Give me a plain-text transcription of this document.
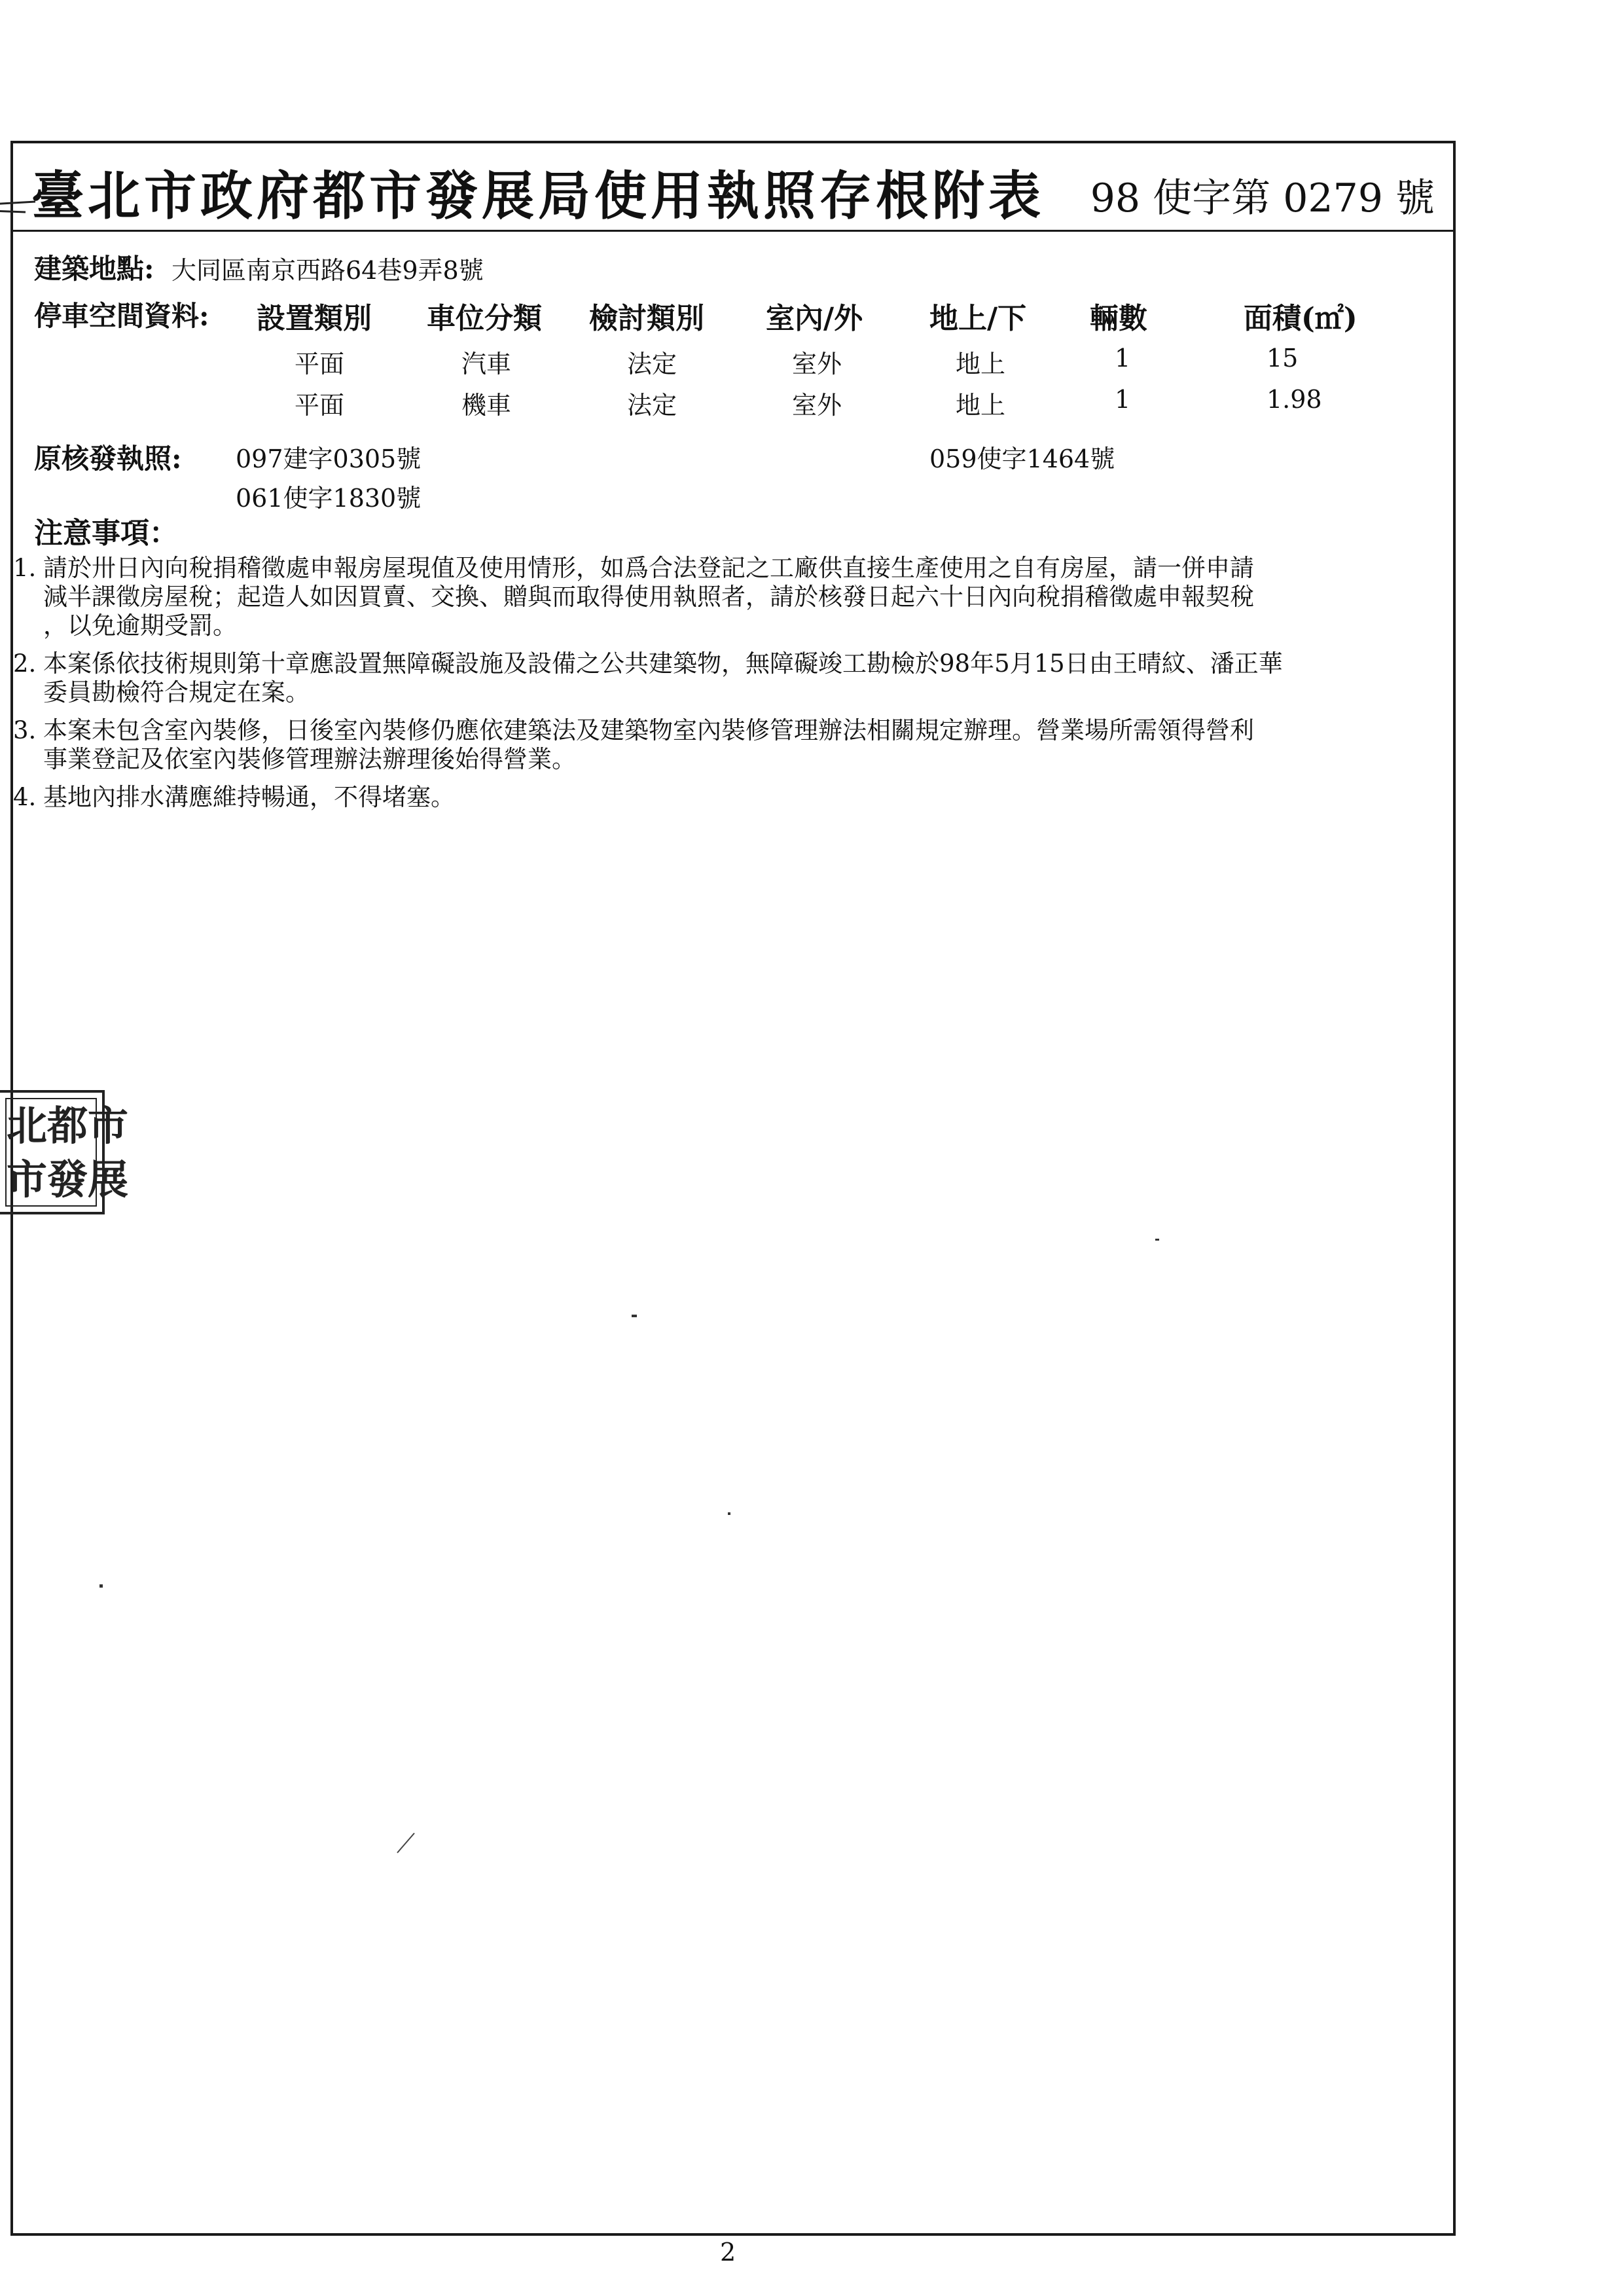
臺北市政府都市發展局使用執照存根附表 98 使字第 0279 號
建築地點: 大同區南京西路64巷9弄8號
停車空間資料: 設置類別 車位分類 檢討類別 室內/外 地上/下 輛數	面積(㎡)
平面	汽車	法定	室外	地上	1	15
平面	機車	法定	室外	地上	1	1.98
原核發執照: 097建字0305號	059使字1464號
061使字1830號
注意事項：
1. 請於卅日內向稅捐稽徵處申報房屋現值及使用情形，如爲合法登記之工廠供直接生產使用之自有房屋，請一併申請
減半課徵房屋稅；起造人如因買賣、交換、贈與而取得使用執照者，請於核發日起六十日內向稅捐稽徵處申報契稅
，以免逾期受罰。
2. 本案係依技術規則第十章應設置無障礙設施及設備之公共建築物，無障礙竣工勘檢於98年5月15日由王晴紋、潘正華
委員勘檢符合規定在案。
3. 本案未包含室內裝修，日後室內裝修仍應依建築法及建築物室內裝修管理辦法相關規定辦理。營業場所需領得營利
事業登記及依室內裝修管理辦法辦理後始得營業。
4. 基地內排水溝應維持暢通，不得堵塞。
北 都 市
市 發 展
2
